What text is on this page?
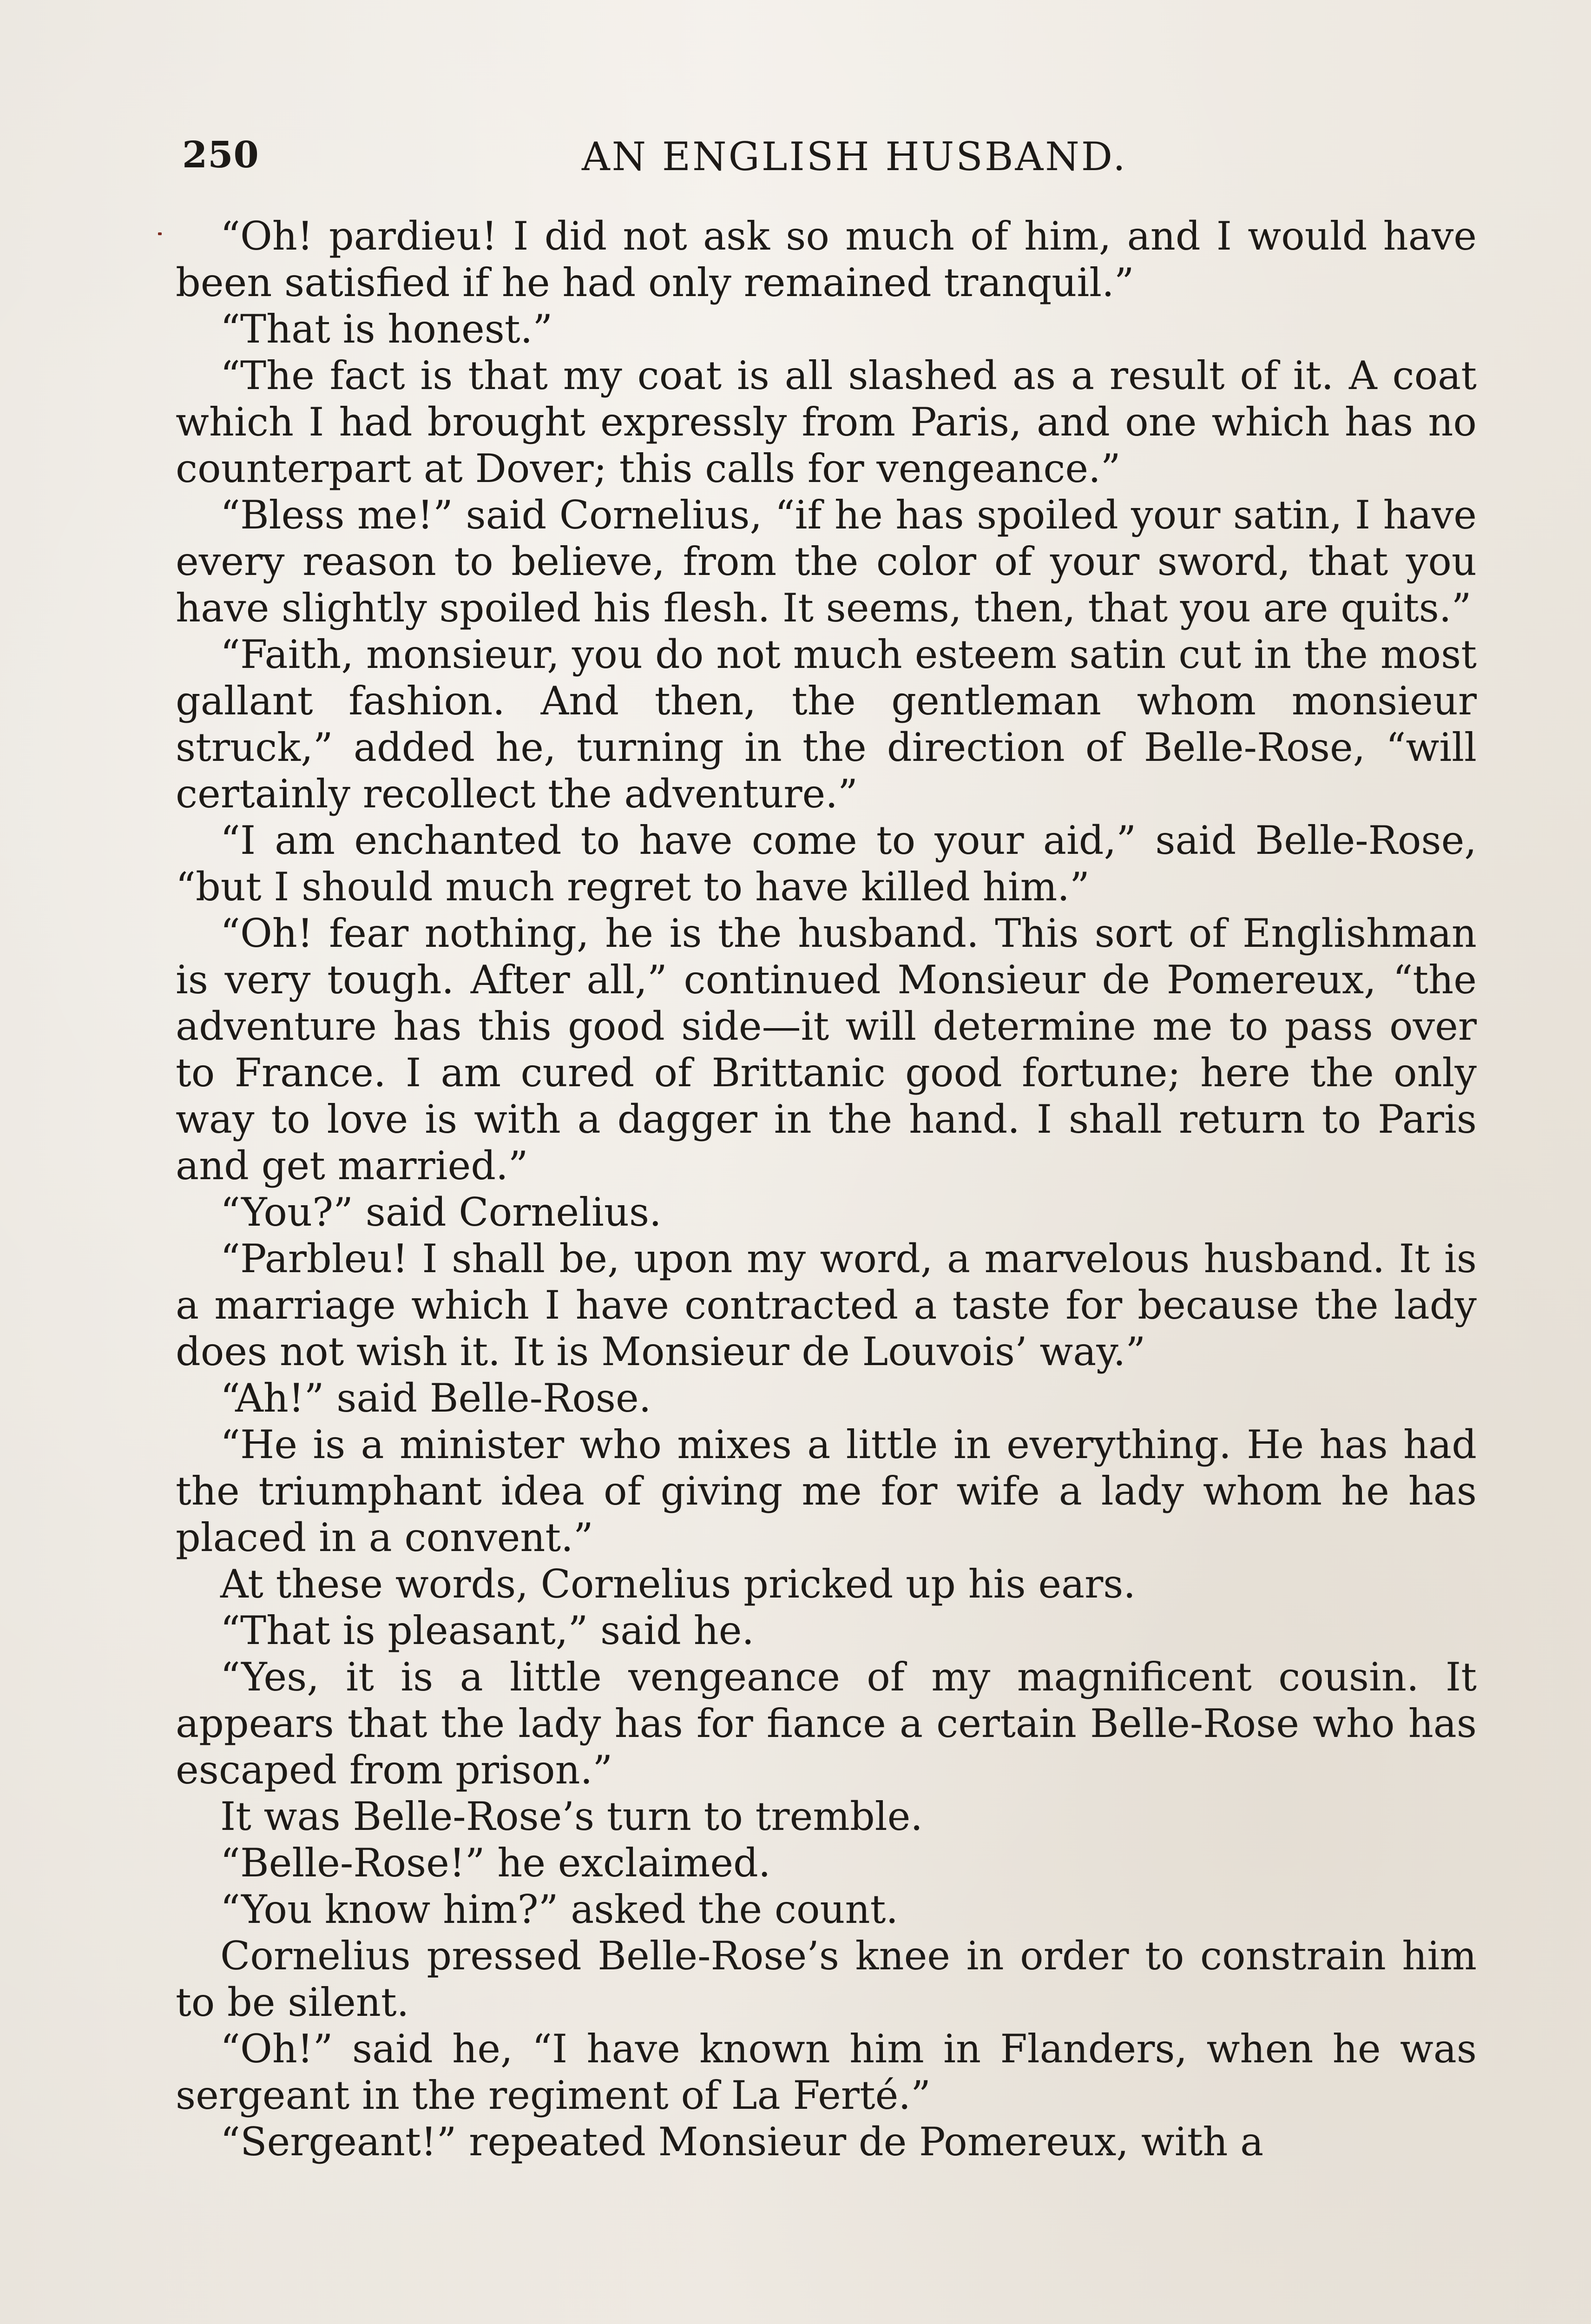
250	AN ENGLISH HUSBAND.

“Oh! pardieu! I did not ask so much of him, and I would have been satisfied if he had only remained tranquil.”

“That is honest.”

“The fact is that my coat is all slashed as a result of it. A coat which I had brought expressly from Paris, and one which has no counterpart at Dover; this calls for vengeance.”

“Bless me!” said Cornelius, “if he has spoiled your satin, I have every reason to believe, from the color of your sword, that you have slightly spoiled his flesh. It seems, then, that you are quits.”

“Faith, monsieur, you do not much esteem satin cut in the most gallant fashion. And then, the gentleman whom monsieur struck,” added he, turning in the direction of Belle-Rose, “will certainly recollect the adventure.”

“I am enchanted to have come to your aid,” said Belle-Rose, “but I should much regret to have killed him.”

“Oh! fear nothing, he is the husband. This sort of Englishman is very tough. After all,” continued Monsieur de Pomereux, “the adventure has this good side—it will determine me to pass over to France. I am cured of Brittanic good fortune; here the only way to love is with a dagger in the hand. I shall return to Paris and get married.”

“You?” said Cornelius.

“Parbleu! I shall be, upon my word, a marvelous husband. It is a marriage which I have contracted a taste for because the lady does not wish it. It is Monsieur de Louvois’ way.”

“Ah!” said Belle-Rose.

“He is a minister who mixes a little in everything. He has had the triumphant idea of giving me for wife a lady whom he has placed in a convent.”

At these words, Cornelius pricked up his ears.

“That is pleasant,” said he.

“Yes, it is a little vengeance of my magnificent cousin. It appears that the lady has for fiance a certain Belle-Rose who has escaped from prison.”

It was Belle-Rose’s turn to tremble.

“Belle-Rose!” he exclaimed.

“You know him?” asked the count.

Cornelius pressed Belle-Rose’s knee in order to constrain him to be silent.

“Oh!” said he, “I have known him in Flanders, when he was sergeant in the regiment of La Ferté.”

“Sergeant!” repeated Monsieur de Pomereux, with a
